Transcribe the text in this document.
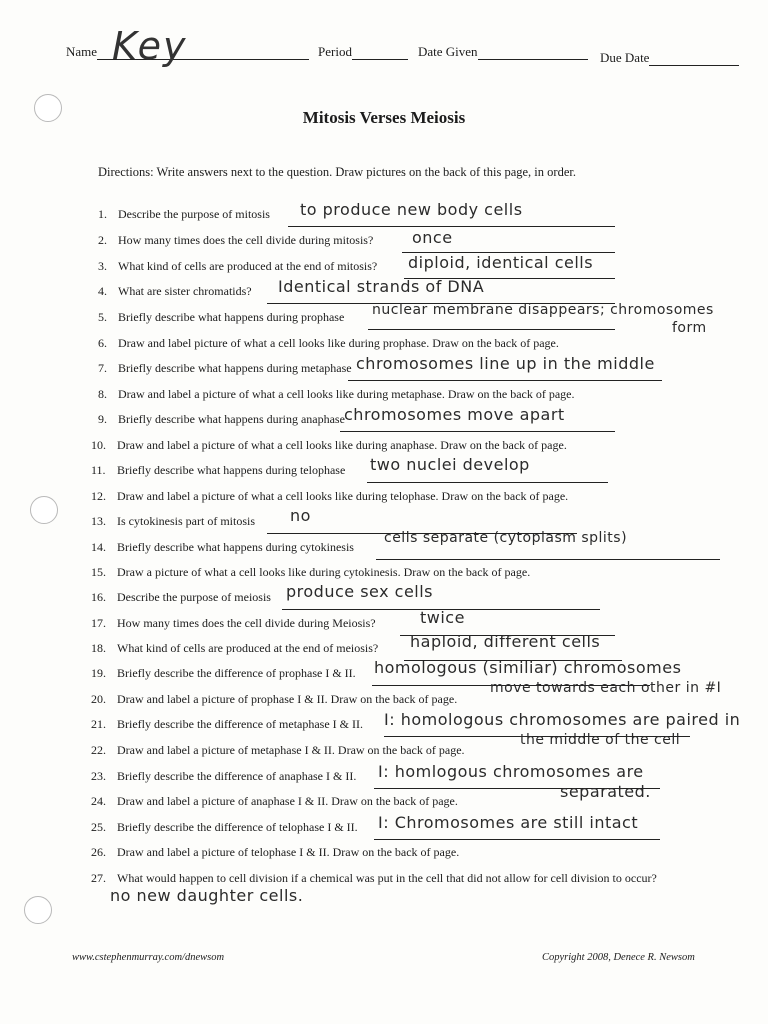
Name Key	Period	Date Given	Due Date
Mitosis Verses Meiosis
Directions: Write answers next to the question. Draw pictures on the back of this page, in order.
1. Describe the purpose of mitosis to produce new body cells
2. How many times does the cell divide during mitosis? once
3. What kind of cells are produced at the end of mitosis? diploid, identical cells
4. What are sister chromatids? Identical strands of DNA
5. Briefly describe what happens during prophase nuclear membrane disappears; chromosomes
form
6. Draw and label picture of what a cell looks like during prophase. Draw on the back of page.
7. Briefly describe what happens during metaphase chromosomes line up in the middle
8. Draw and label a picture of what a cell looks like during metaphase. Draw on the back of page.
9. Briefly describe what happens during anaphase chromosomes move apart
10. Draw and label a picture of what a cell looks like during anaphase. Draw on the back of page.
11. Briefly describe what happens during telophase two nuclei develop
12. Draw and label a picture of what a cell looks like during telophase. Draw on the back of page.
13. Is cytokinesis part of mitosis no
14. Briefly describe what happens during cytokinesis
cells separate (cytoplasm splits)
15. Draw a picture of what a cell looks like during cytokinesis. Draw on the back of page.
16. Describe the purpose of meiosis produce sex cells
17. How many times does the cell divide during Meiosis?	twice
18. What kind of cells are produced at the end of meiosis? haploid, different cells
19. Briefly describe the difference of prophase I & II. homologous (similiar) chromosomes
20. Draw and label a picture of prophase I & II. Draw on the back of page.
move towards each other in #I
21. Briefly describe the difference of metaphase I & II. I: homologous chromosomes are paired in
22. Draw and label a picture of metaphase I & II. Draw on the back of page.
the middle of the cell
23. Briefly describe the difference of anaphase I & II. I: homlogous chromosomes are
24. Draw and label a picture of anaphase I & II. Draw on the back of page.	separated.
25. Briefly describe the difference of telophase I & II. I: Chromosomes are still intact
26. Draw and label a picture of telophase I & II. Draw on the back of page.
27. What would happen to cell division if a chemical was put in the cell that did not allow for cell division to occur?
no new daughter cells.
www.cstephenmurray.com/dnewsom	Copyright 2008, Denece R. Newsom
